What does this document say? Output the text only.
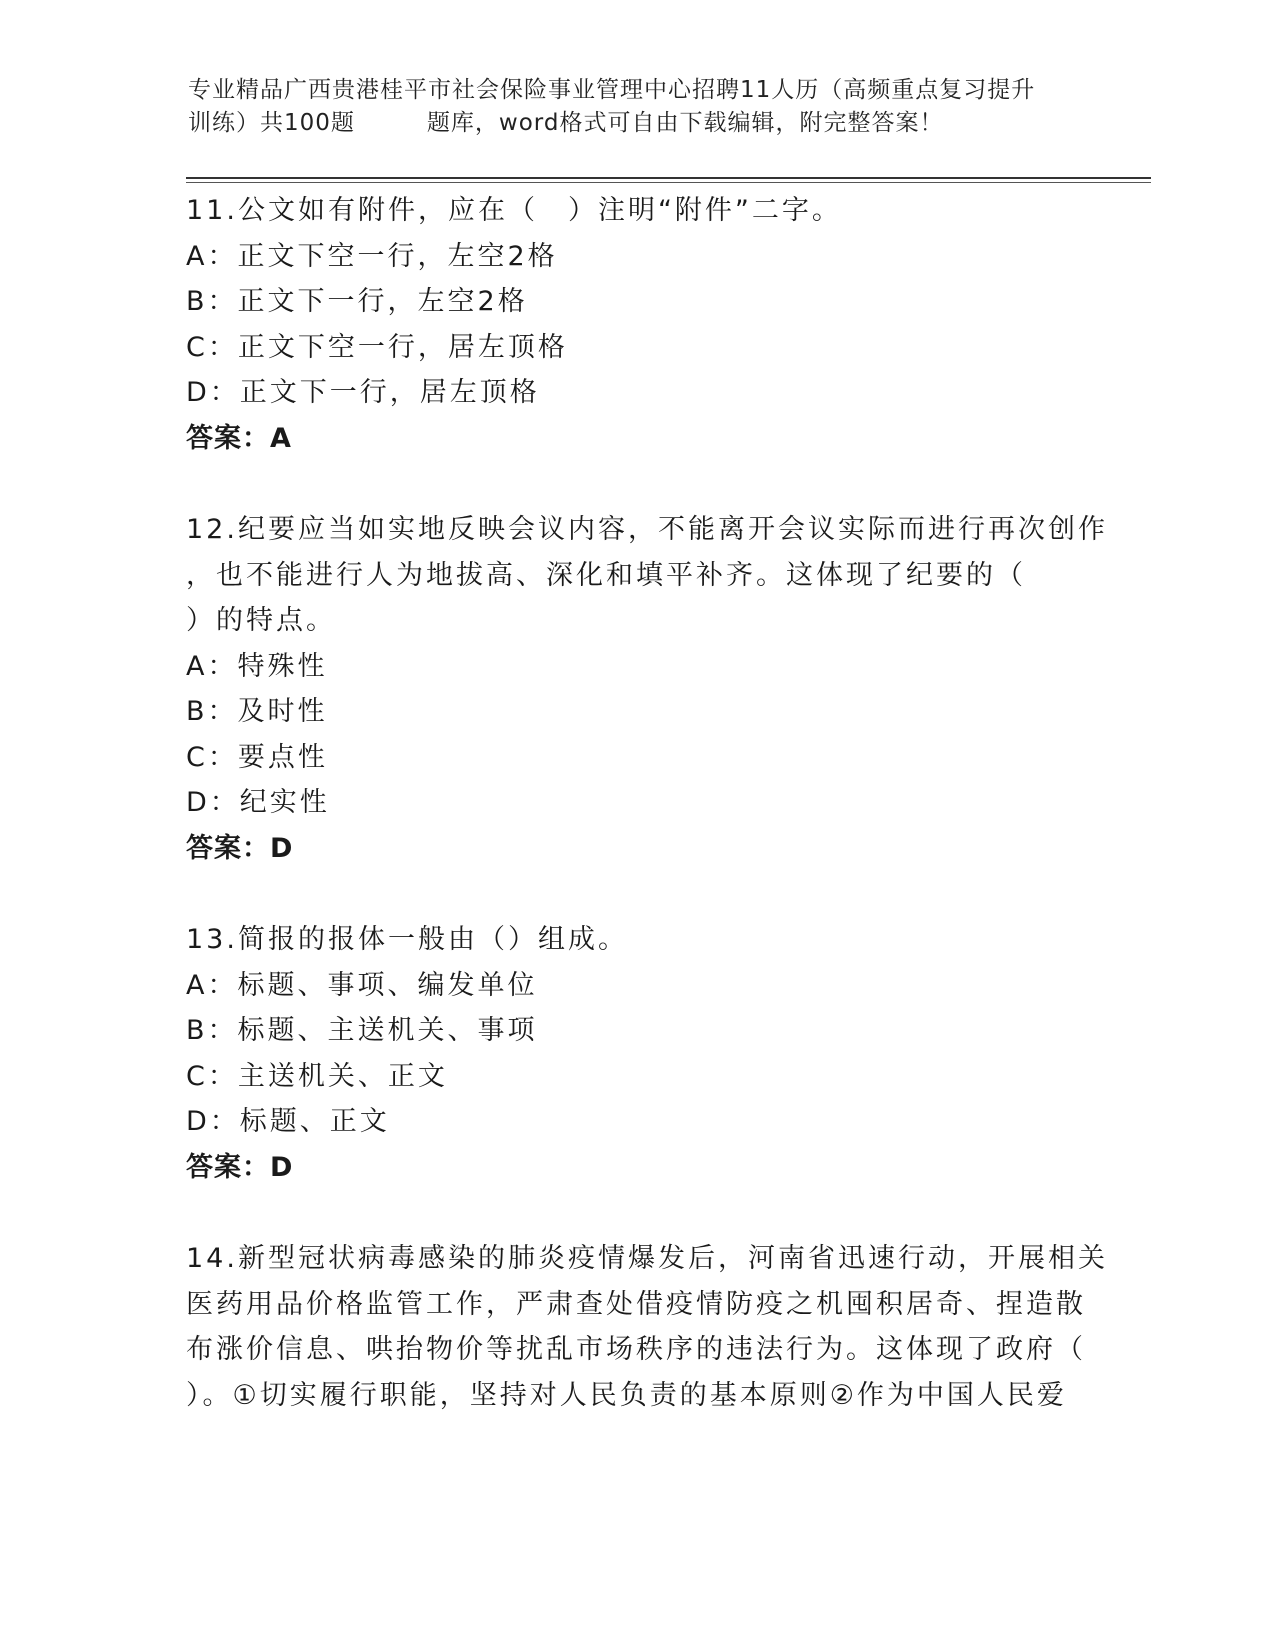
专业精品广西贵港桂平市社会保险事业管理中心招聘11人历（高频重点复习提升
训练）共100题	题库，word格式可自由下载编辑，附完整答案！
11.公文如有附件，应在（　）注明“附件”二字。
A：正文下空一行，左空2格
B：正文下一行，左空2格
C：正文下空一行，居左顶格
D：正文下一行，居左顶格
答案：A
12.纪要应当如实地反映会议内容，不能离开会议实际而进行再次创作
，也不能进行人为地拔高、深化和填平补齐。这体现了纪要的（
）的特点。
A：特殊性
B：及时性
C：要点性
D：纪实性
答案：D
13.简报的报体一般由（）组成。
A：标题、事项、编发单位
B：标题、主送机关、事项
C：主送机关、正文
D：标题、正文
答案：D
14.新型冠状病毒感染的肺炎疫情爆发后，河南省迅速行动，开展相关
医药用品价格监管工作，严肃查处借疫情防疫之机囤积居奇、捏造散
布涨价信息、哄抬物价等扰乱市场秩序的违法行为。这体现了政府（
）。①切实履行职能，坚持对人民负责的基本原则②作为中国人民爱
